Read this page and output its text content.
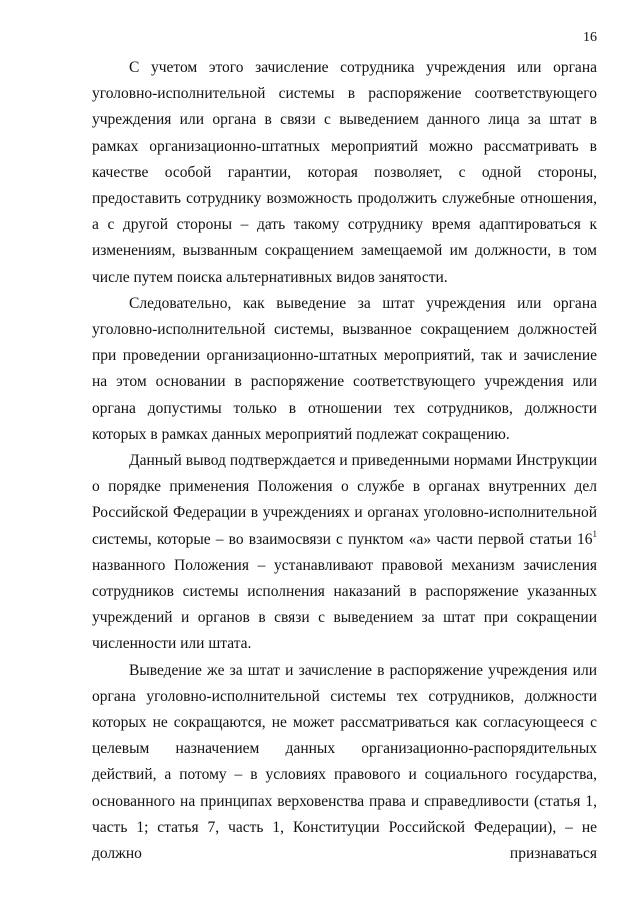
16

С учетом этого зачисление сотрудника учреждения или органа уголовно-исполнительной системы в распоряжение соответствующего учреждения или органа в связи с выведением данного лица за штат в рамках организационно-штатных мероприятий можно рассматривать в качестве особой гарантии, которая позволяет, с одной стороны, предоставить сотруднику возможность продолжить служебные отношения, а с другой стороны – дать такому сотруднику время адаптироваться к изменениям, вызванным сокращением замещаемой им должности, в том числе путем поиска альтернативных видов занятости.

Следовательно, как выведение за штат учреждения или органа уголовно-исполнительной системы, вызванное сокращением должностей при проведении организационно-штатных мероприятий, так и зачисление на этом основании в распоряжение соответствующего учреждения или органа допустимы только в отношении тех сотрудников, должности которых в рамках данных мероприятий подлежат сокращению.

Данный вывод подтверждается и приведенными нормами Инструкции о порядке применения Положения о службе в органах внутренних дел Российской Федерации в учреждениях и органах уголовно-исполнительной системы, которые – во взаимосвязи с пунктом «а» части первой статьи $16^1$ названного Положения – устанавливают правовой механизм зачисления сотрудников системы исполнения наказаний в распоряжение указанных учреждений и органов в связи с выведением за штат при сокращении численности или штата.

Выведение же за штат и зачисление в распоряжение учреждения или органа уголовно-исполнительной системы тех сотрудников, должности которых не сокращаются, не может рассматриваться как согласующееся с целевым назначением данных организационно-распорядительных действий, а потому – в условиях правового и социального государства, основанного на принципах верховенства права и справедливости (статья 1, часть 1; статья 7, часть 1, Конституции Российской Федерации), – не должно признаваться
